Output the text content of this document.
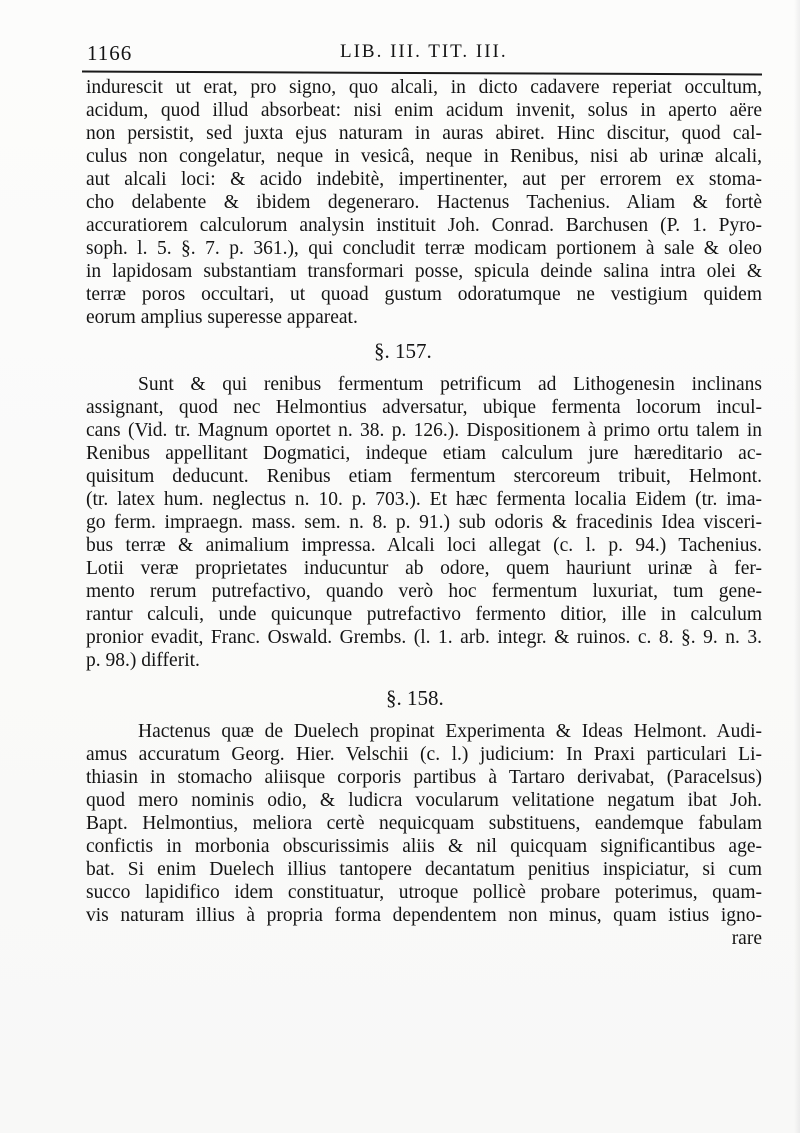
1166	LIB. III. TIT. III.
indurescit ut erat, pro signo, quo alcali, in dicto cadavere reperiat occultum,
acidum, quod illud absorbeat: nisi enim acidum invenit, solus in aperto aëre
non persistit, sed juxta ejus naturam in auras abiret. Hinc discitur, quod cal-
culus non congelatur, neque in vesicâ, neque in Renibus, nisi ab urinæ alcali,
aut alcali loci: & acido indebitè, impertinenter, aut per errorem ex stoma-
cho delabente & ibidem degeneraro. Hactenus Tachenius. Aliam & fortè
accuratiorem calculorum analysin instituit Joh. Conrad. Barchusen (P. 1. Pyro-
soph. l. 5. §. 7. p. 361.), qui concludit terræ modicam portionem à sale & oleo
in lapidosam substantiam transformari posse, spicula deinde salina intra olei &
terræ poros occultari, ut quoad gustum odoratumque ne vestigium quidem
eorum amplius superesse appareat.
§. 157.
Sunt & qui renibus fermentum petrificum ad Lithogenesin inclinans
assignant, quod nec Helmontius adversatur, ubique fermenta locorum incul-
cans (Vid. tr. Magnum oportet n. 38. p. 126.). Dispositionem à primo ortu talem in
Renibus appellitant Dogmatici, indeque etiam calculum jure hæreditario ac-
quisitum deducunt. Renibus etiam fermentum stercoreum tribuit, Helmont.
(tr. latex hum. neglectus n. 10. p. 703.). Et hæc fermenta localia Eidem (tr. ima-
go ferm. impraegn. mass. sem. n. 8. p. 91.) sub odoris & fracedinis Idea visceri-
bus terræ & animalium impressa. Alcali loci allegat (c. l. p. 94.) Tachenius.
Lotii veræ proprietates inducuntur ab odore, quem hauriunt urinæ à fer-
mento rerum putrefactivo, quando verò hoc fermentum luxuriat, tum gene-
rantur calculi, unde quicunque putrefactivo fermento ditior, ille in calculum
pronior evadit, Franc. Oswald. Grembs. (l. 1. arb. integr. & ruinos. c. 8. §. 9. n. 3.
p. 98.) differit.
§. 158.
Hactenus quæ de Duelech propinat Experimenta & Ideas Helmont. Audi-
amus accuratum Georg. Hier. Velschii (c. l.) judicium: In Praxi particulari Li-
thiasin in stomacho aliisque corporis partibus à Tartaro derivabat, (Paracelsus)
quod mero nominis odio, & ludicra vocularum velitatione negatum ibat Joh.
Bapt. Helmontius, meliora certè nequicquam substituens, eandemque fabulam
confictis in morbonia obscurissimis aliis & nil quicquam significantibus age-
bat. Si enim Duelech illius tantopere decantatum penitius inspiciatur, si cum
succo lapidifico idem constituatur, utroque pollicè probare poterimus, quam-
vis naturam illius à propria forma dependentem non minus, quam istius igno-
rare
